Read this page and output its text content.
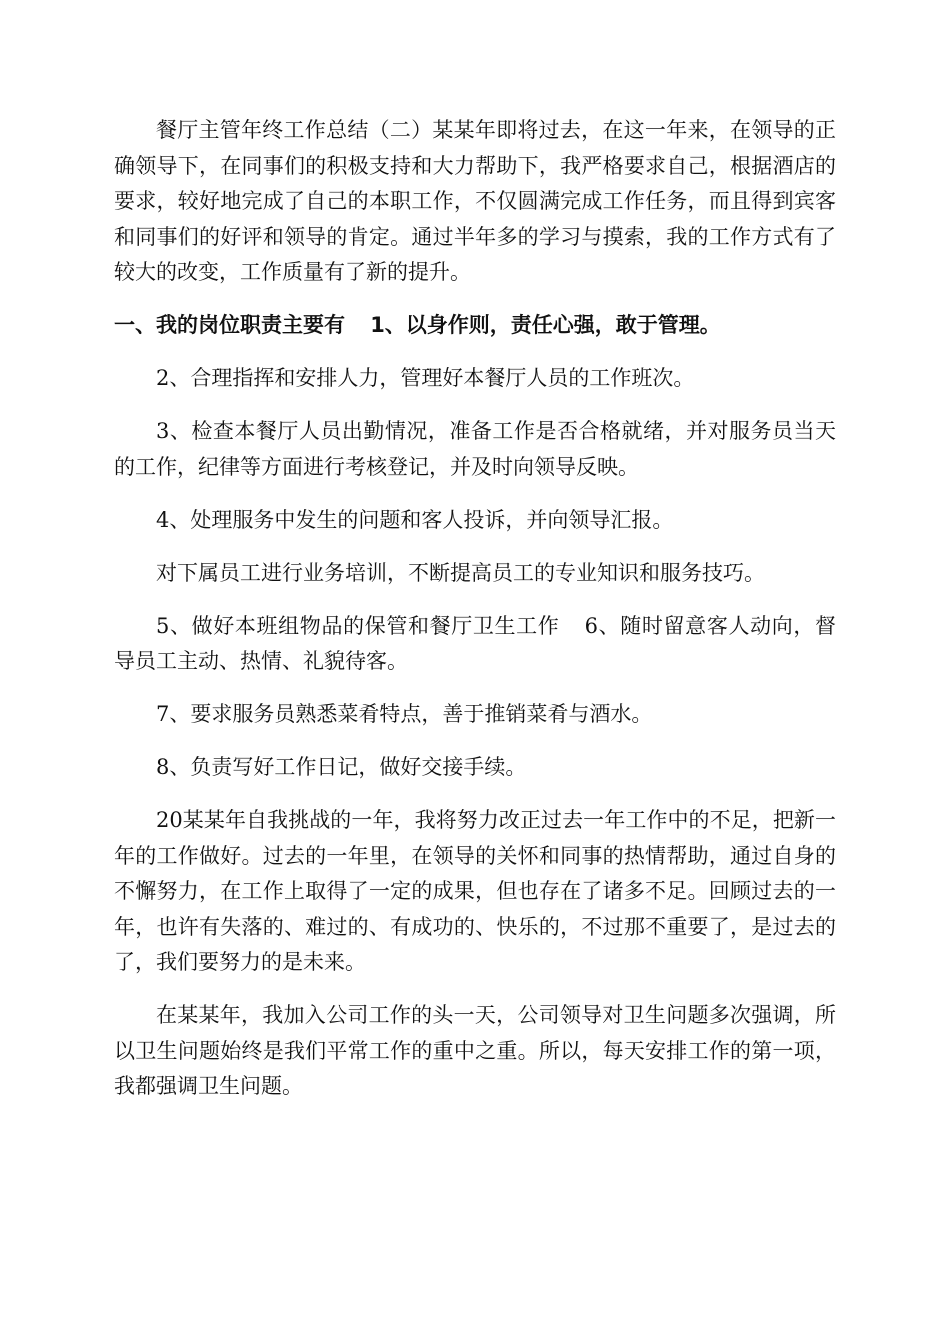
餐厅主管年终工作总结（二）某某年即将过去，在这一年来，在领导的正确领导下，在同事们的积极支持和大力帮助下，我严格要求自己，根据酒店的要求，较好地完成了自己的本职工作，不仅圆满完成工作任务，而且得到宾客和同事们的好评和领导的肯定。通过半年多的学习与摸索，我的工作方式有了较大的改变，工作质量有了新的提升。

一、我的岗位职责主要有 1、以身作则，责任心强，敢于管理。

2、合理指挥和安排人力，管理好本餐厅人员的工作班次。

3、检查本餐厅人员出勤情况，准备工作是否合格就绪，并对服务员当天的工作，纪律等方面进行考核登记，并及时向领导反映。

4、处理服务中发生的问题和客人投诉，并向领导汇报。

对下属员工进行业务培训，不断提高员工的专业知识和服务技巧。

5、做好本班组物品的保管和餐厅卫生工作 6、随时留意客人动向，督导员工主动、热情、礼貌待客。

7、要求服务员熟悉菜肴特点，善于推销菜肴与酒水。

8、负责写好工作日记，做好交接手续。

20某某年自我挑战的一年，我将努力改正过去一年工作中的不足，把新一年的工作做好。过去的一年里，在领导的关怀和同事的热情帮助，通过自身的不懈努力，在工作上取得了一定的成果，但也存在了诸多不足。回顾过去的一年，也许有失落的、难过的、有成功的、快乐的，不过那不重要了，是过去的了，我们要努力的是未来。

在某某年，我加入公司工作的头一天，公司领导对卫生问题多次强调，所以卫生问题始终是我们平常工作的重中之重。所以，每天安排工作的第一项，我都强调卫生问题。
